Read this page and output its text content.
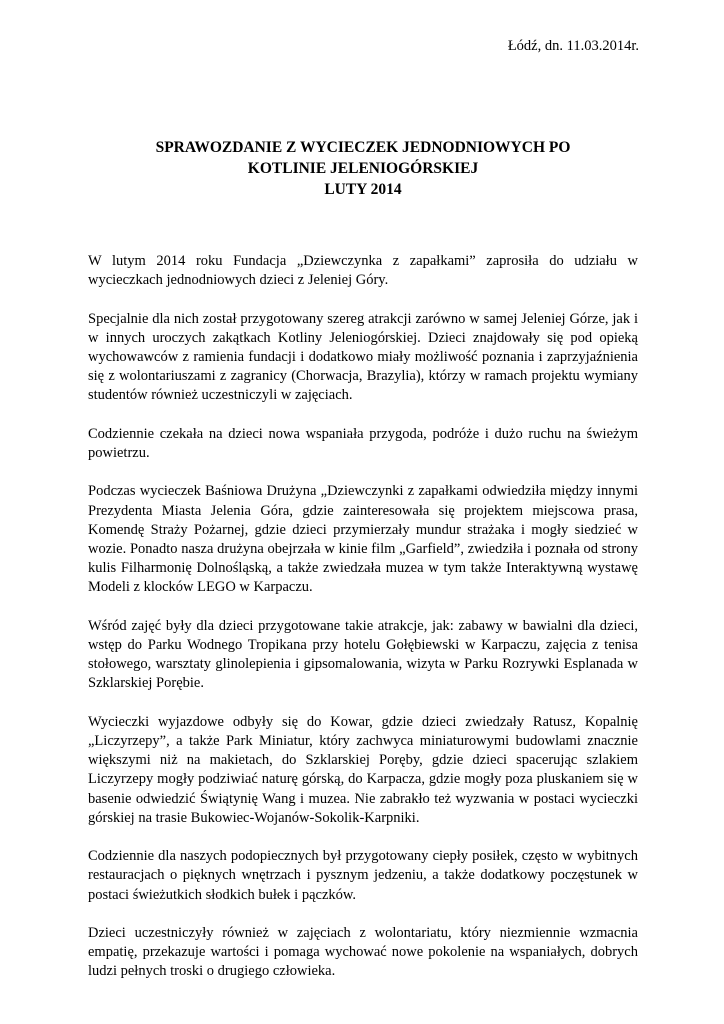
Łódź, dn. 11.03.2014r.
SPRAWOZDANIE Z WYCIECZEK JEDNODNIOWYCH PO
KOTLINIE JELENIOGÓRSKIEJ
LUTY 2014

W lutym 2014 roku Fundacja „Dziewczynka z zapałkami” zaprosiła do udziału w wycieczkach jednodniowych dzieci z Jeleniej Góry.

Specjalnie dla nich został przygotowany szereg atrakcji zarówno w samej Jeleniej Górze, jak i w innych uroczych zakątkach Kotliny Jeleniogórskiej. Dzieci znajdowały się pod opieką wychowawców z ramienia fundacji i dodatkowo miały możliwość poznania i zaprzyjaźnienia się z wolontariuszami z zagranicy (Chorwacja, Brazylia), którzy w ramach projektu wymiany studentów również uczestniczyli w zajęciach.

Codziennie czekała na dzieci nowa wspaniała przygoda, podróże i dużo ruchu na świeżym powietrzu.

Podczas wycieczek Baśniowa Drużyna „Dziewczynki z zapałkami odwiedziła między innymi Prezydenta Miasta Jelenia Góra, gdzie zainteresowała się projektem miejscowa prasa, Komendę Straży Pożarnej, gdzie dzieci przymierzały mundur strażaka i mogły siedzieć w wozie. Ponadto nasza drużyna obejrzała w kinie film „Garfield”, zwiedziła i poznała od strony kulis Filharmonię Dolnośląską, a także zwiedzała muzea w tym także Interaktywną wystawę Modeli z klocków LEGO w Karpaczu.

Wśród zajęć były dla dzieci przygotowane takie atrakcje, jak: zabawy w bawialni dla dzieci, wstęp do Parku Wodnego Tropikana przy hotelu Gołębiewski w Karpaczu, zajęcia z tenisa stołowego, warsztaty glinolepienia i gipsomalowania, wizyta w Parku Rozrywki Esplanada w Szklarskiej Porębie.

Wycieczki wyjazdowe odbyły się do Kowar, gdzie dzieci zwiedzały Ratusz, Kopalnię „Liczyrzepy”, a także Park Miniatur, który zachwyca miniaturowymi budowlami znacznie większymi niż na makietach, do Szklarskiej Poręby, gdzie dzieci spacerując szlakiem Liczyrzepy mogły podziwiać naturę górską, do Karpacza, gdzie mogły poza pluskaniem się w basenie odwiedzić Świątynię Wang i muzea. Nie zabrakło też wyzwania w postaci wycieczki górskiej na trasie Bukowiec-Wojanów-Sokolik-Karpniki.

Codziennie dla naszych podopiecznych był przygotowany ciepły posiłek, często w wybitnych restauracjach o pięknych wnętrzach i pysznym jedzeniu, a także dodatkowy poczęstunek w postaci świeżutkich słodkich bułek i pączków.

Dzieci uczestniczyły również w zajęciach z wolontariatu, który niezmiennie wzmacnia empatię, przekazuje wartości i pomaga wychować nowe pokolenie na wspaniałych, dobrych ludzi pełnych troski o drugiego człowieka.
